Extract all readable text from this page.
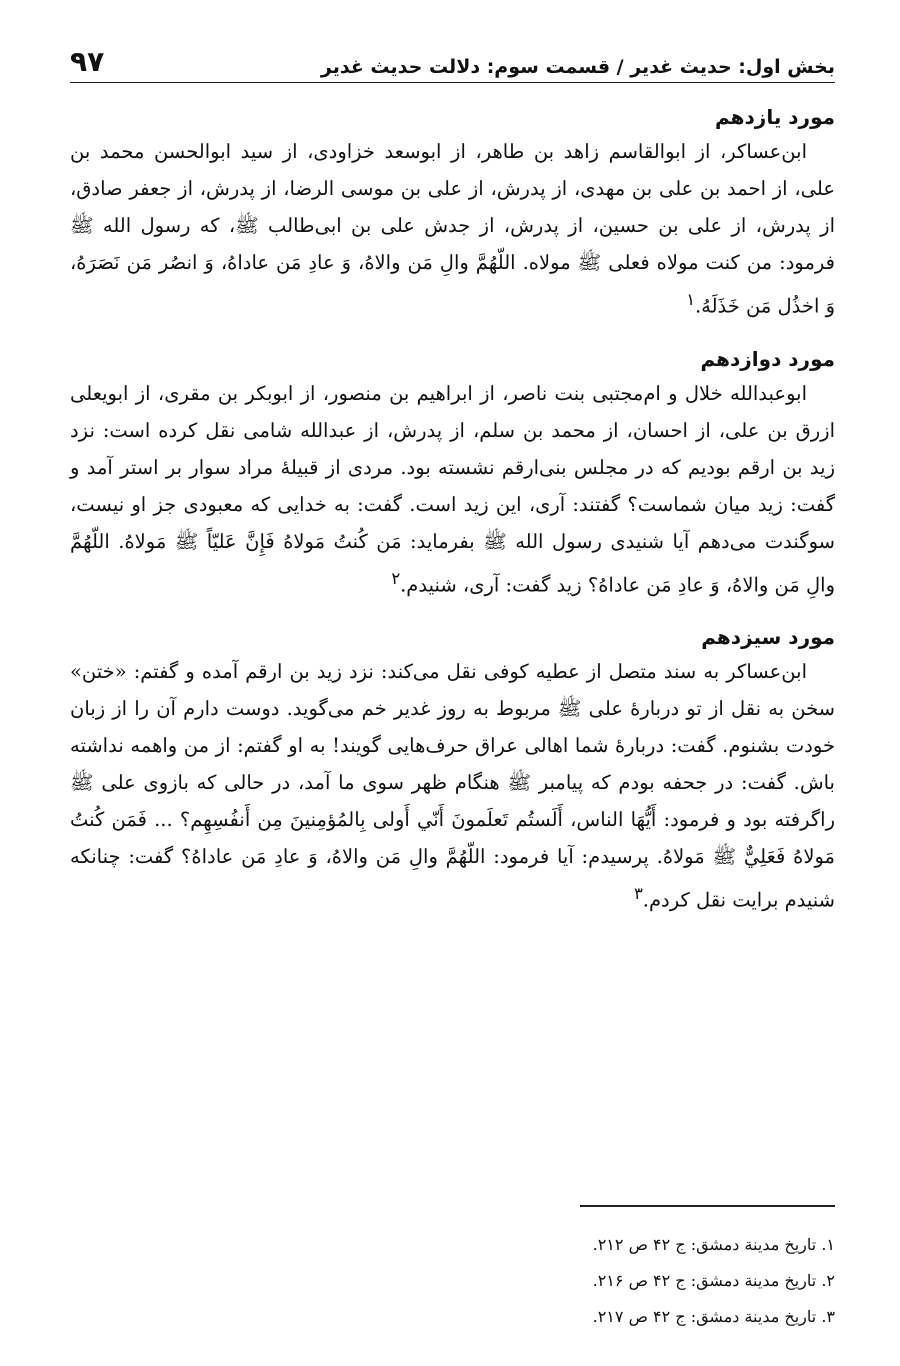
بخش اول: حدیث غدیر / قسمت سوم: دلالت حدیث غدیر
۹۷
مورد یازدهم

ابن‌عساکر، از ابوالقاسم زاهد بن طاهر، از ابوسعد خزاودی، از سید ابوالحسن محمد بن علی، از احمد بن علی بن مهدی، از پدرش، از علی بن موسی الرضا، از پدرش، از جعفر صادق، از پدرش، از علی بن حسین، از پدرش، از جدش علی بن ابی‌طالب ﷺ، که رسول الله ﷺ فرمود: من کنت مولاه فعلی ﷺ مولاه. اللّهُمَّ والِ مَن والاهُ، وَ عادِ مَن عاداهُ، وَ انصُر مَن نَصَرَهُ، وَ اخذُل مَن خَذَلَهُ.$^۱$

مورد دوازدهم

ابوعبدالله خلال و ام‌مجتبی بنت ناصر، از ابراهیم بن منصور، از ابوبکر بن مقری، از ابویعلی ازرق بن علی، از احسان، از محمد بن سلم، از پدرش، از عبدالله شامی نقل کرده است: نزد زید بن ارقم بودیم که در مجلس بنی‌ارقم نشسته بود. مردی از قبیلهٔ مراد سوار بر استر آمد و گفت: زید میان شماست؟ گفتند: آری، این زید است. گفت: به خدایی که معبودی جز او نیست، سوگندت می‌دهم آیا شنیدی رسول الله ﷺ بفرماید: مَن کُنتُ مَولاهُ فَإِنَّ عَلیّاً ﷺ مَولاهُ. اللّهُمَّ والِ مَن والاهُ، وَ عادِ مَن عاداهُ؟ زید گفت: آری، شنیدم.$^۲$

مورد سیزدهم

ابن‌عساکر به سند متصل از عطیه کوفی نقل می‌کند: نزد زید بن ارقم آمده و گفتم: «ختن» سخن به نقل از تو دربارهٔ علی ﷺ مربوط به روز غدیر خم می‌گوید. دوست دارم آن را از زبان خودت بشنوم. گفت: دربارهٔ شما اهالی عراق حرف‌هایی گویند! به او گفتم: از من واهمه نداشته باش. گفت: در جحفه بودم که پیامبر ﷺ هنگام ظهر سوی ما آمد، در حالی که بازوی علی ﷺ راگرفته بود و فرمود: أَيُّهَا الناس، أَلَستُم تَعلَمونَ أَنّي أَولی بِالمُؤمِنينَ مِن أَنفُسِهِم؟ ... فَمَن كُنتُ مَولاهُ فَعَلِيٌّ ﷺ مَولاهُ. پرسیدم: آیا فرمود: اللّهُمَّ والِ مَن والاهُ، وَ عادِ مَن عاداهُ؟ گفت: چنانکه شنیدم برایت نقل کردم.$^۳$

۱. تاریخ مدینة دمشق: ج ۴۲ ص ۲۱۲.

۲. تاریخ مدینة دمشق: ج ۴۲ ص ۲۱۶.

۳. تاریخ مدینة دمشق: ج ۴۲ ص ۲۱۷.
